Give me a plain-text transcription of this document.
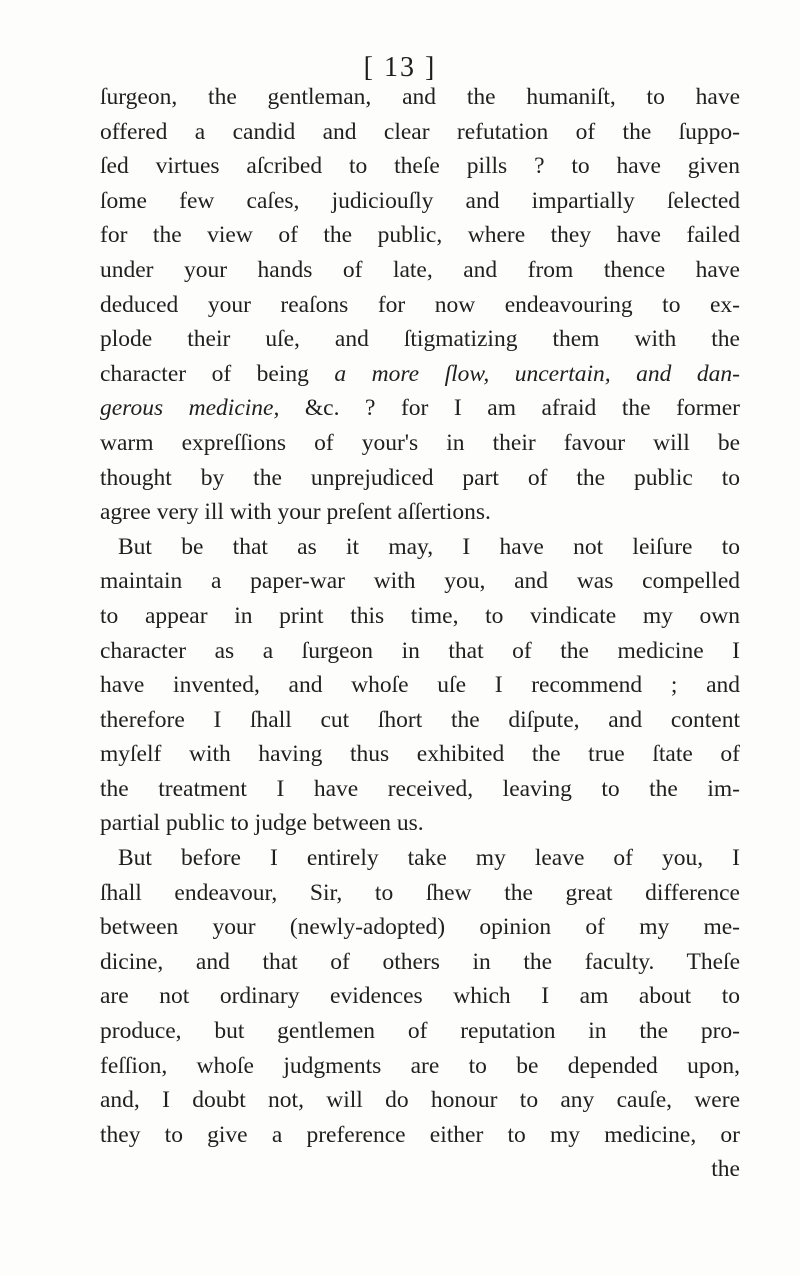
[ 13 ]
ſurgeon, the gentleman, and the humaniſt, to have
offered a candid and clear refutation of the ſuppo-
ſed virtues aſcribed to theſe pills ? to have given
ſome few caſes, judiciouſly and impartially ſelected
for the view of the public, where they have failed
under your hands of late, and from thence have
deduced your reaſons for now endeavouring to ex-
plode their uſe, and ſtigmatizing them with the
character of being a more ſlow, uncertain, and dan-
gerous medicine, &c. ? for I am afraid the former
warm expreſſions of your's in their favour will be
thought by the unprejudiced part of the public to
agree very ill with your preſent aſſertions.
But be that as it may, I have not leiſure to
maintain a paper-war with you, and was compelled
to appear in print this time, to vindicate my own
character as a ſurgeon in that of the medicine I
have invented, and whoſe uſe I recommend ; and
therefore I ſhall cut ſhort the diſpute, and content
myſelf with having thus exhibited the true ſtate of
the treatment I have received, leaving to the im-
partial public to judge between us.
But before I entirely take my leave of you, I
ſhall endeavour, Sir, to ſhew the great difference
between your (newly-adopted) opinion of my me-
dicine, and that of others in the faculty. Theſe
are not ordinary evidences which I am about to
produce, but gentlemen of reputation in the pro-
feſſion, whoſe judgments are to be depended upon,
and, I doubt not, will do honour to any cauſe, were
they to give a preference either to my medicine, or
the
